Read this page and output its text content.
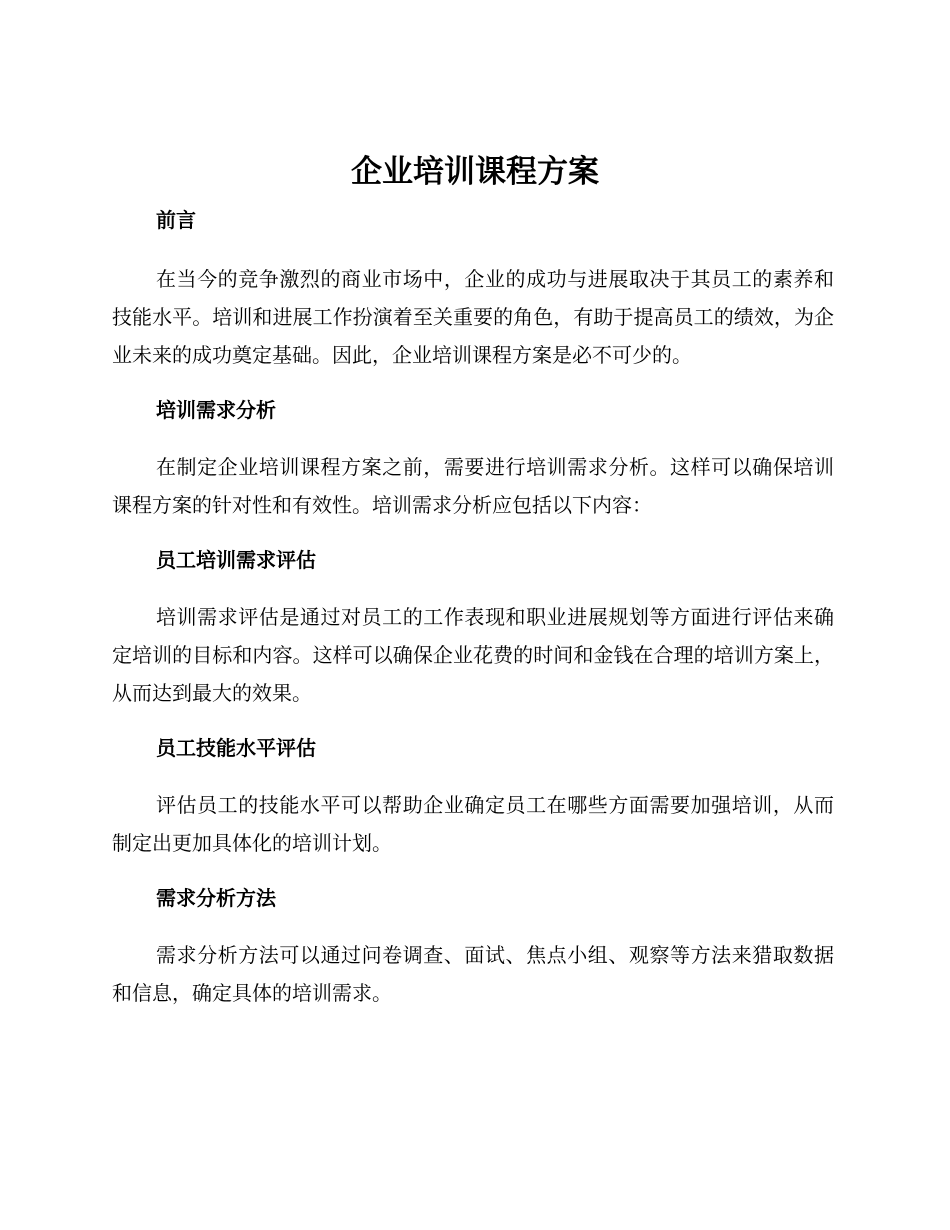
企业培训课程方案
前言

在当今的竞争激烈的商业市场中，企业的成功与进展取决于其员工的素养和技能水平。培训和进展工作扮演着至关重要的角色，有助于提高员工的绩效，为企业未来的成功奠定基础。因此，企业培训课程方案是必不可少的。

培训需求分析

在制定企业培训课程方案之前，需要进行培训需求分析。这样可以确保培训课程方案的针对性和有效性。培训需求分析应包括以下内容：

员工培训需求评估

培训需求评估是通过对员工的工作表现和职业进展规划等方面进行评估来确定培训的目标和内容。这样可以确保企业花费的时间和金钱在合理的培训方案上，从而达到最大的效果。

员工技能水平评估

评估员工的技能水平可以帮助企业确定员工在哪些方面需要加强培训，从而制定出更加具体化的培训计划。

需求分析方法

需求分析方法可以通过问卷调查、面试、焦点小组、观察等方法来猎取数据和信息，确定具体的培训需求。
